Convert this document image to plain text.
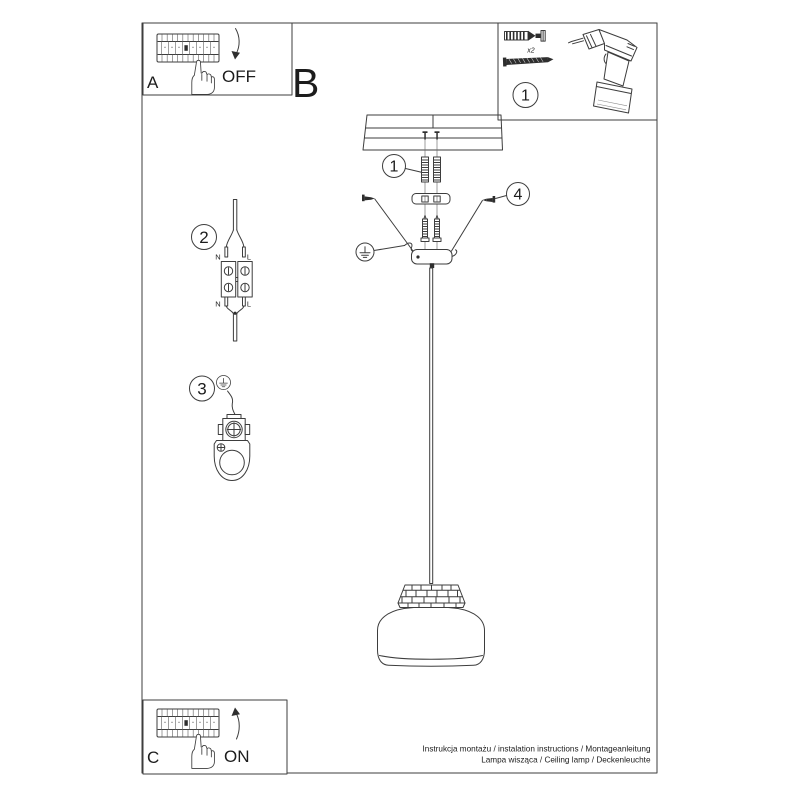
OFF
A	B
x2
1
1
4
2
N	L
N	L
3
ON
C	Instrukcja montażu / instalation instructions / Montageanleitung
Lampa wisząca / Ceiling lamp / Deckenleuchte
